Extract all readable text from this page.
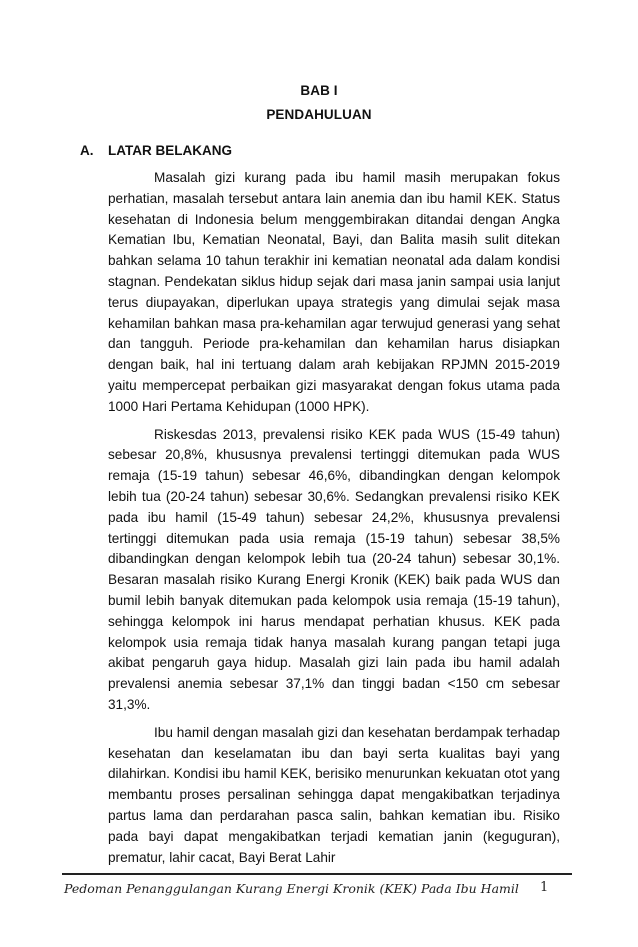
BAB I
PENDAHULUAN
A. LATAR BELAKANG

Masalah gizi kurang pada ibu hamil masih merupakan fokus perhatian, masalah tersebut antara lain anemia dan ibu hamil KEK. Status kesehatan di Indonesia belum menggembirakan ditandai dengan Angka Kematian Ibu, Kematian Neonatal, Bayi, dan Balita masih sulit ditekan bahkan selama 10 tahun terakhir ini kematian neonatal ada dalam kondisi stagnan. Pendekatan siklus hidup sejak dari masa janin sampai usia lanjut terus diupayakan, diperlukan upaya strategis yang dimulai sejak masa kehamilan bahkan masa pra-kehamilan agar terwujud generasi yang sehat dan tangguh. Periode pra-kehamilan dan kehamilan harus disiapkan dengan baik, hal ini tertuang dalam arah kebijakan RPJMN 2015-2019 yaitu mempercepat perbaikan gizi masyarakat dengan fokus utama pada 1000 Hari Pertama Kehidupan (1000 HPK).

Riskesdas 2013, prevalensi risiko KEK pada WUS (15-49 tahun) sebesar 20,8%, khususnya prevalensi tertinggi ditemukan pada WUS remaja (15-19 tahun) sebesar 46,6%, dibandingkan dengan kelompok lebih tua (20-24 tahun) sebesar 30,6%. Sedangkan prevalensi risiko KEK pada ibu hamil (15-49 tahun) sebesar 24,2%, khususnya prevalensi tertinggi ditemukan pada usia remaja (15-19 tahun) sebesar 38,5% dibandingkan dengan kelompok lebih tua (20-24 tahun) sebesar 30,1%. Besaran masalah risiko Kurang Energi Kronik (KEK) baik pada WUS dan bumil lebih banyak ditemukan pada kelompok usia remaja (15-19 tahun), sehingga kelompok ini harus mendapat perhatian khusus. KEK pada kelompok usia remaja tidak hanya masalah kurang pangan tetapi juga akibat pengaruh gaya hidup. Masalah gizi lain pada ibu hamil adalah prevalensi anemia sebesar 37,1% dan tinggi badan <150 cm sebesar 31,3%.

Ibu hamil dengan masalah gizi dan kesehatan berdampak terhadap kesehatan dan keselamatan ibu dan bayi serta kualitas bayi yang dilahirkan. Kondisi ibu hamil KEK, berisiko menurunkan kekuatan otot yang membantu proses persalinan sehingga dapat mengakibatkan terjadinya partus lama dan perdarahan pasca salin, bahkan kematian ibu. Risiko pada bayi dapat mengakibatkan terjadi kematian janin (keguguran), prematur, lahir cacat, Bayi Berat Lahir

Pedoman Penanggulangan Kurang Energi Kronik (KEK) Pada Ibu Hamil 1
